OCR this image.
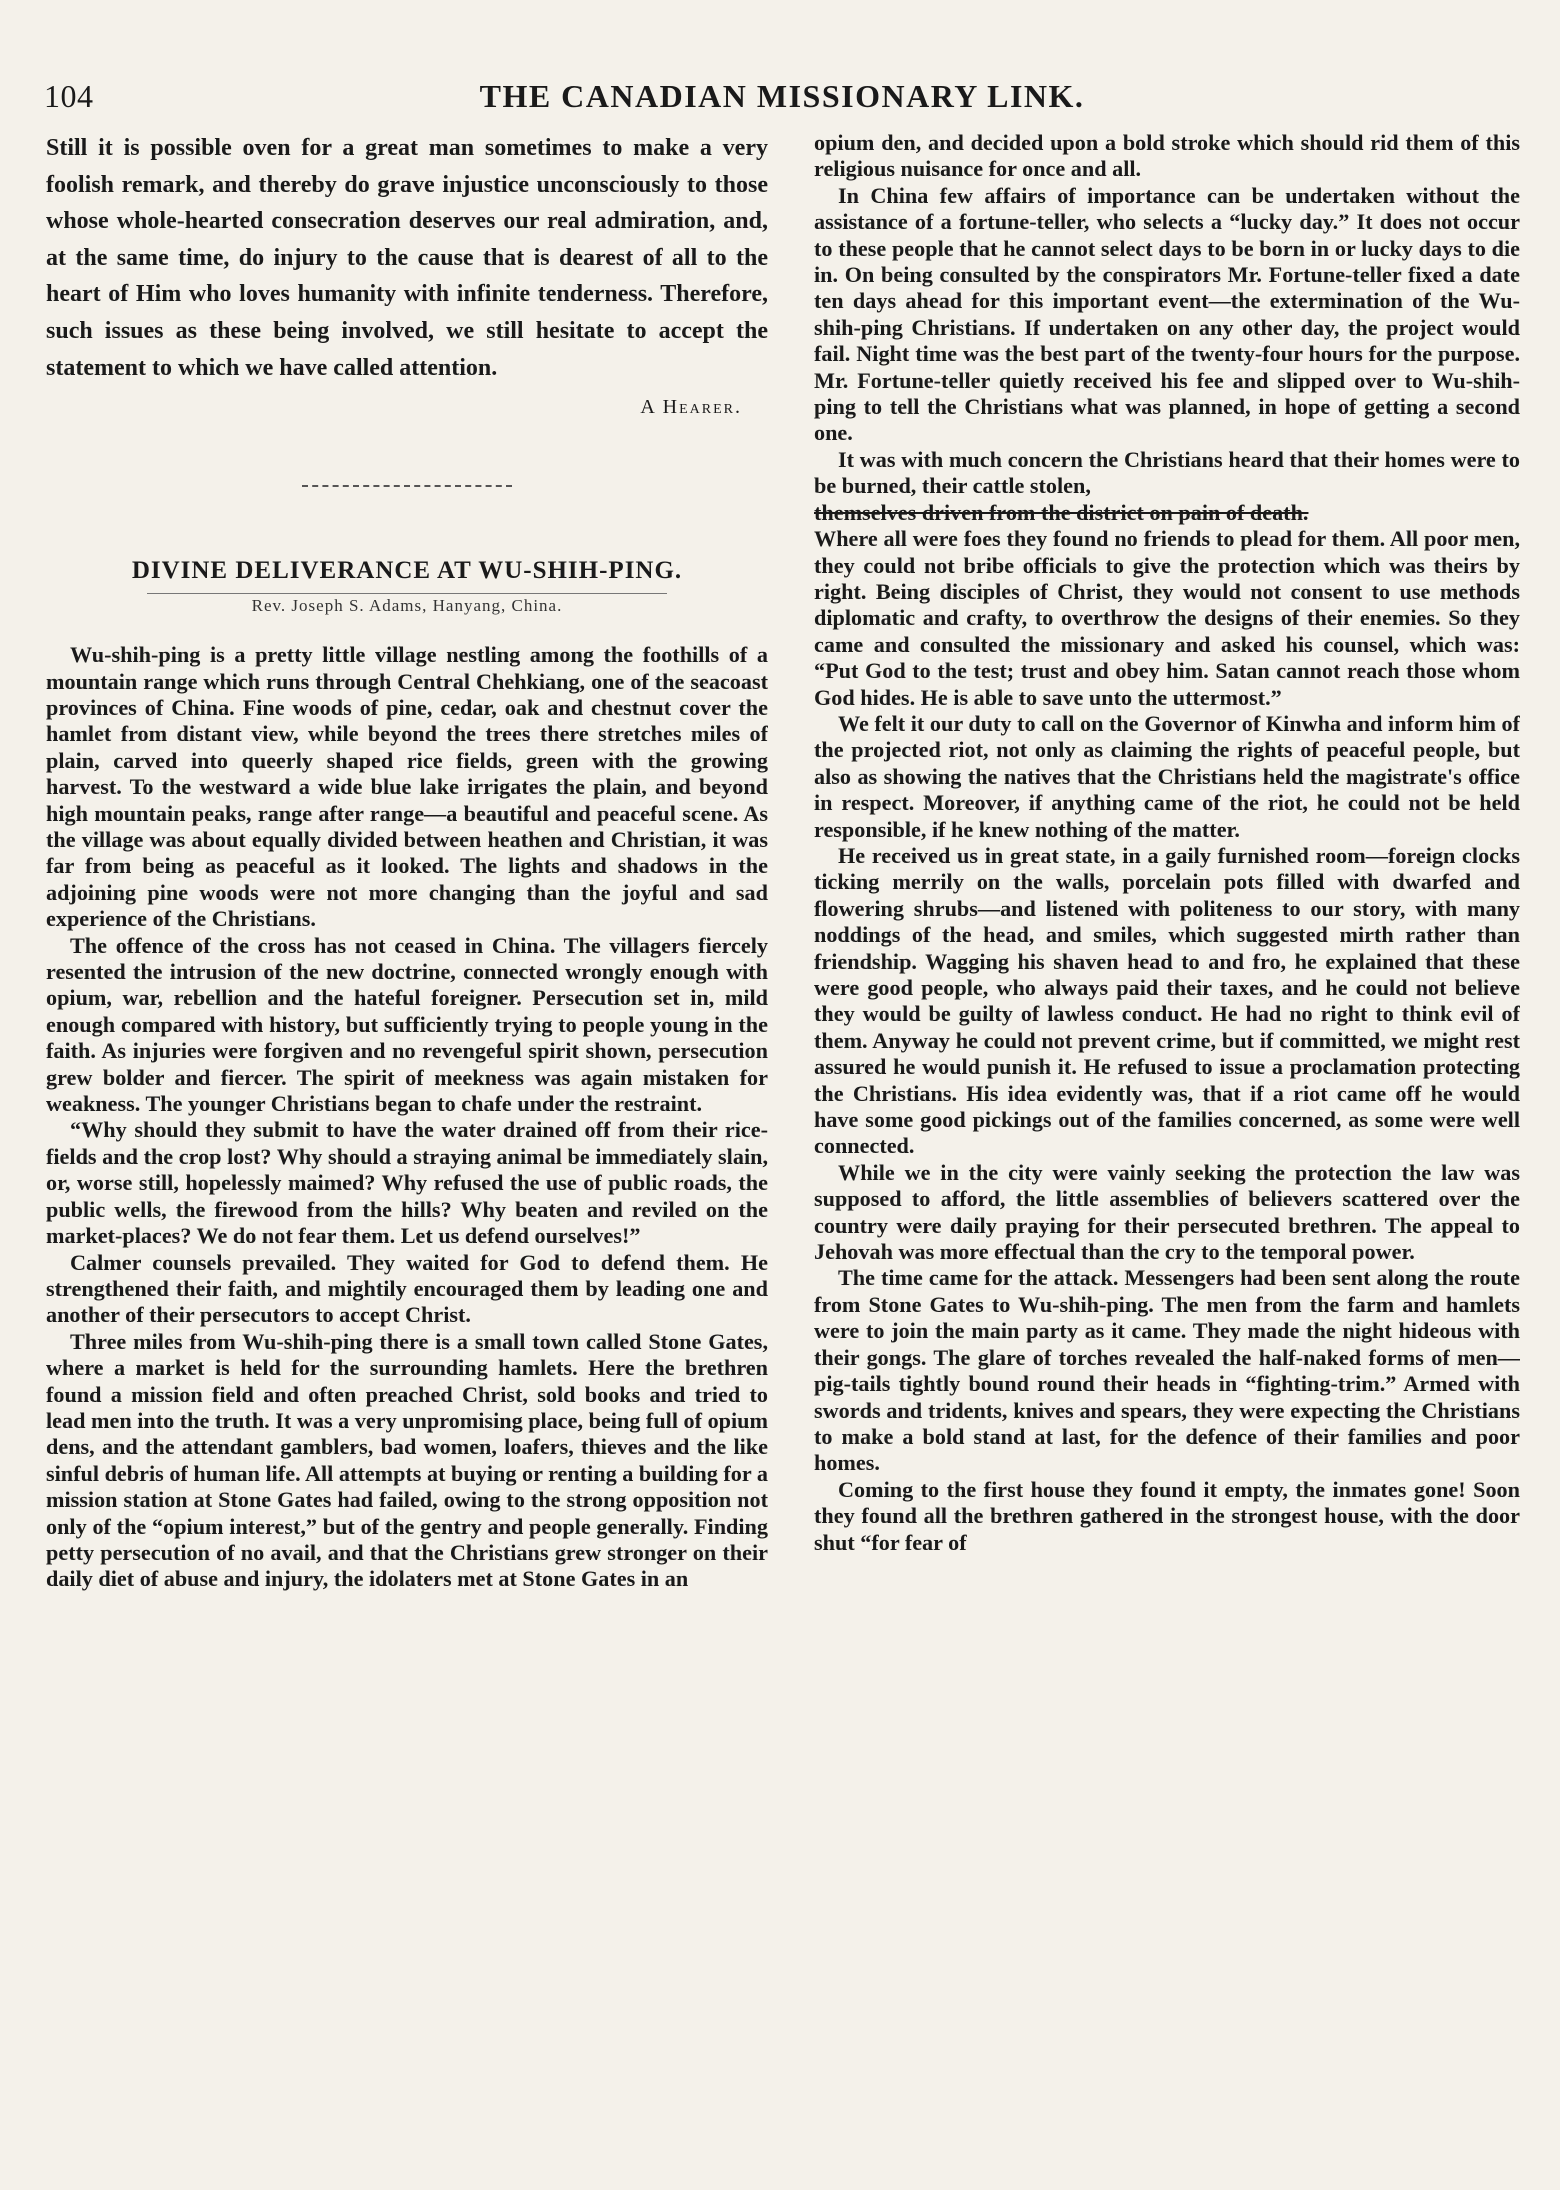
104	THE CANADIAN MISSIONARY LINK.

Still it is possible oven for a great man sometimes to make a very foolish remark, and thereby do grave injustice unconsciously to those whose whole-hearted consecration deserves our real admiration, and, at the same time, do injury to the cause that is dearest of all to the heart of Him who loves humanity with infinite tenderness. Therefore, such issues as these being involved, we still hesitate to accept the statement to which we have called attention.

A Hearer.
DIVINE DELIVERANCE AT WU-SHIH-PING.
Rev. Joseph S. Adams, Hanyang, China.

Wu-shih-ping is a pretty little village nestling among the foothills of a mountain range which runs through Central Chehkiang, one of the seacoast provinces of China. Fine woods of pine, cedar, oak and chestnut cover the hamlet from distant view, while beyond the trees there stretches miles of plain, carved into queerly shaped rice fields, green with the growing harvest. To the westward a wide blue lake irrigates the plain, and beyond high mountain peaks, range after range—a beautiful and peaceful scene. As the village was about equally divided between heathen and Christian, it was far from being as peaceful as it looked. The lights and shadows in the adjoining pine woods were not more changing than the joyful and sad experience of the Christians.

The offence of the cross has not ceased in China. The villagers fiercely resented the intrusion of the new doctrine, connected wrongly enough with opium, war, rebellion and the hateful foreigner. Persecution set in, mild enough compared with history, but sufficiently trying to people young in the faith. As injuries were forgiven and no revengeful spirit shown, persecution grew bolder and fiercer. The spirit of meekness was again mistaken for weakness. The younger Christians began to chafe under the restraint.

“Why should they submit to have the water drained off from their rice-fields and the crop lost? Why should a straying animal be immediately slain, or, worse still, hopelessly maimed? Why refused the use of public roads, the public wells, the firewood from the hills? Why beaten and reviled on the market-places? We do not fear them. Let us defend ourselves!”

Calmer counsels prevailed. They waited for God to defend them. He strengthened their faith, and mightily encouraged them by leading one and another of their persecutors to accept Christ.

Three miles from Wu-shih-ping there is a small town called Stone Gates, where a market is held for the surrounding hamlets. Here the brethren found a mission field and often preached Christ, sold books and tried to lead men into the truth. It was a very unpromising place, being full of opium dens, and the attendant gamblers, bad women, loafers, thieves and the like sinful debris of human life. All attempts at buying or renting a building for a mission station at Stone Gates had failed, owing to the strong opposition not only of the “opium interest,” but of the gentry and people generally. Finding petty persecution of no avail, and that the Christians grew stronger on their daily diet of abuse and injury, the idolaters met at Stone Gates in an

opium den, and decided upon a bold stroke which should rid them of this religious nuisance for once and all.

In China few affairs of importance can be undertaken without the assistance of a fortune-teller, who selects a “lucky day.” It does not occur to these people that he cannot select days to be born in or lucky days to die in. On being consulted by the conspirators Mr. Fortune-teller fixed a date ten days ahead for this important event—the extermination of the Wu-shih-ping Christians. If undertaken on any other day, the project would fail. Night time was the best part of the twenty-four hours for the purpose. Mr. Fortune-teller quietly received his fee and slipped over to Wu-shih-ping to tell the Christians what was planned, in hope of getting a second one.

It was with much concern the Christians heard that their homes were to be burned, their cattle stolen,

themselves driven from the district on pain of death.

Where all were foes they found no friends to plead for them. All poor men, they could not bribe officials to give the protection which was theirs by right. Being disciples of Christ, they would not consent to use methods diplomatic and crafty, to overthrow the designs of their enemies. So they came and consulted the missionary and asked his counsel, which was: “Put God to the test; trust and obey him. Satan cannot reach those whom God hides. He is able to save unto the uttermost.”

We felt it our duty to call on the Governor of Kinwha and inform him of the projected riot, not only as claiming the rights of peaceful people, but also as showing the natives that the Christians held the magistrate's office in respect. Moreover, if anything came of the riot, he could not be held responsible, if he knew nothing of the matter.

He received us in great state, in a gaily furnished room—foreign clocks ticking merrily on the walls, porcelain pots filled with dwarfed and flowering shrubs—and listened with politeness to our story, with many noddings of the head, and smiles, which suggested mirth rather than friendship. Wagging his shaven head to and fro, he explained that these were good people, who always paid their taxes, and he could not believe they would be guilty of lawless conduct. He had no right to think evil of them. Anyway he could not prevent crime, but if committed, we might rest assured he would punish it. He refused to issue a proclamation protecting the Christians. His idea evidently was, that if a riot came off he would have some good pickings out of the families concerned, as some were well connected.

While we in the city were vainly seeking the protection the law was supposed to afford, the little assemblies of believers scattered over the country were daily praying for their persecuted brethren. The appeal to Jehovah was more effectual than the cry to the temporal power.

The time came for the attack. Messengers had been sent along the route from Stone Gates to Wu-shih-ping. The men from the farm and hamlets were to join the main party as it came. They made the night hideous with their gongs. The glare of torches revealed the half-naked forms of men—pig-tails tightly bound round their heads in “fighting-trim.” Armed with swords and tridents, knives and spears, they were expecting the Christians to make a bold stand at last, for the defence of their families and poor homes.

Coming to the first house they found it empty, the inmates gone! Soon they found all the brethren gathered in the strongest house, with the door shut “for fear of
